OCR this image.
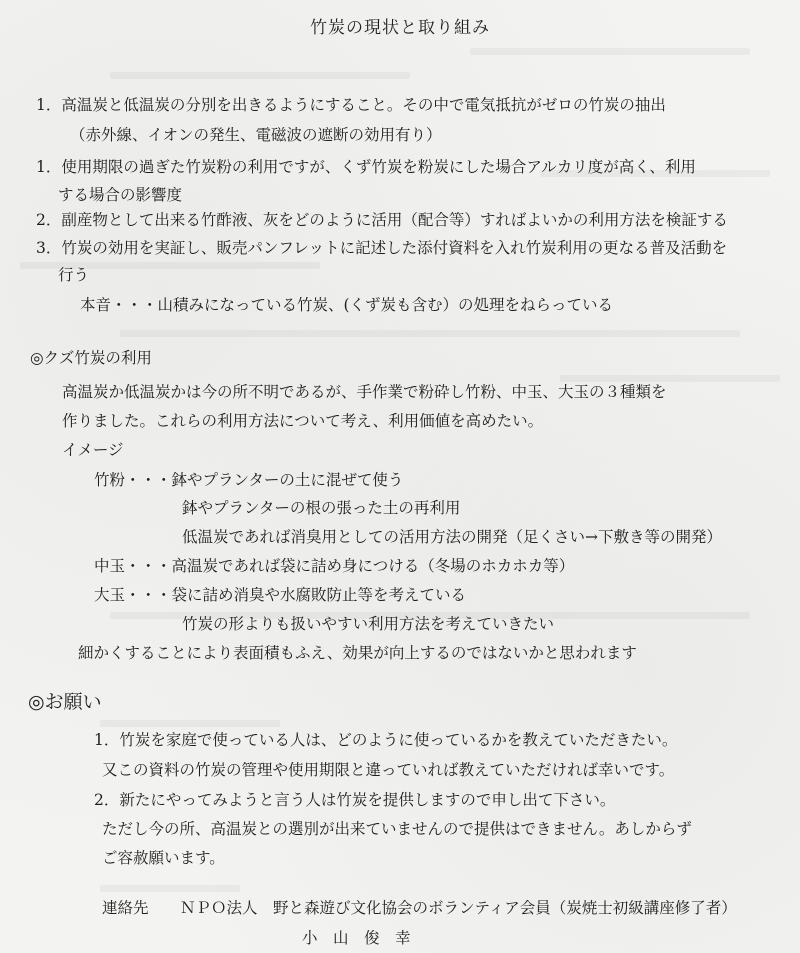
竹炭の現状と取り組み
1．高温炭と低温炭の分別を出きるようにすること。その中で電気抵抗がゼロの竹炭の抽出
（赤外線、イオンの発生、電磁波の遮断の効用有り）
1．使用期限の過ぎた竹炭粉の利用ですが、くず竹炭を粉炭にした場合アルカリ度が高く、利用
する場合の影響度
2．副産物として出来る竹酢液、灰をどのように活用（配合等）すればよいかの利用方法を検証する
3．竹炭の効用を実証し、販売パンフレットに記述した添付資料を入れ竹炭利用の更なる普及活動を
行う
本音・・・山積みになっている竹炭、(くず炭も含む）の処理をねらっている
◎クズ竹炭の利用
高温炭か低温炭かは今の所不明であるが、手作業で粉砕し竹粉、中玉、大玉の３種類を
作りました。これらの利用方法について考え、利用価値を高めたい。
イメージ
竹粉・・・鉢やプランターの土に混ぜて使う
鉢やプランターの根の張った土の再利用
低温炭であれば消臭用としての活用方法の開発（足くさい→下敷き等の開発）
中玉・・・高温炭であれば袋に詰め身につける（冬場のホカホカ等）
大玉・・・袋に詰め消臭や水腐敗防止等を考えている
竹炭の形よりも扱いやすい利用方法を考えていきたい
細かくすることにより表面積もふえ、効果が向上するのではないかと思われます
◎お願い
1．竹炭を家庭で使っている人は、どのように使っているかを教えていただきたい。
又この資料の竹炭の管理や使用期限と違っていれば教えていただければ幸いです。
2．新たにやってみようと言う人は竹炭を提供しますので申し出て下さい。
ただし今の所、高温炭との選別が出来ていませんので提供はできません。あしからず
ご容赦願います。
連絡先 ＮＰＯ法人　野と森遊び文化協会のボランティア会員（炭焼士初級講座修了者）
小　山　俊　幸
